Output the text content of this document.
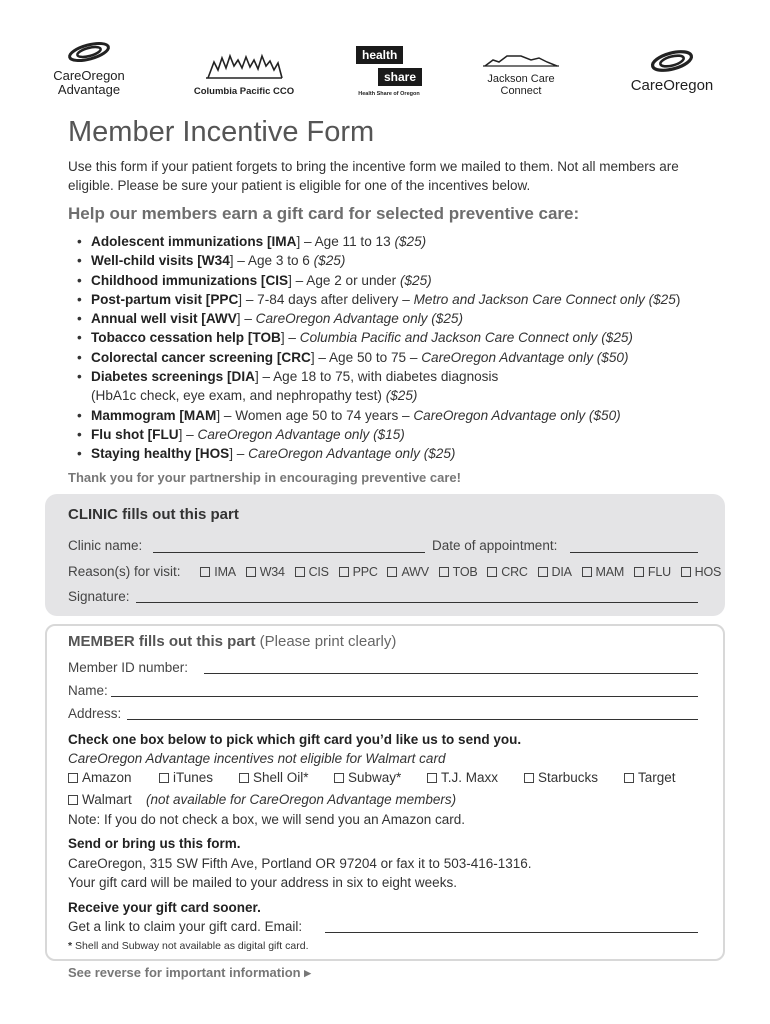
CareOregon
Advantage	Columbia Pacific CCO
health
share
Health Share of Oregon
Jackson Care
Connect	CareOregon
Member Incentive Form
Use this form if your patient forgets to bring the incentive form we mailed to them. Not all members are eligible. Please be sure your patient is eligible for one of the incentives below.
Help our members earn a gift card for selected preventive care:
• Adolescent immunizations [IMA] – Age 11 to 13 ($25)
• Well-child visits [W34] – Age 3 to 6 ($25)
• Childhood immunizations [CIS] – Age 2 or under ($25)
• Post-partum visit [PPC] – 7-84 days after delivery – Metro and Jackson Care Connect only ($25)
• Annual well visit [AWV] – CareOregon Advantage only ($25)
• Tobacco cessation help [TOB] – Columbia Pacific and Jackson Care Connect only ($25)
• Colorectal cancer screening [CRC] – Age 50 to 75 – CareOregon Advantage only ($50)
• Diabetes screenings [DIA] – Age 18 to 75, with diabetes diagnosis
(HbA1c check, eye exam, and nephropathy test) ($25)
• Mammogram [MAM] – Women age 50 to 74 years – CareOregon Advantage only ($50)
• Flu shot [FLU] – CareOregon Advantage only ($15)
• Staying healthy [HOS] – CareOregon Advantage only ($25)
Thank you for your partnership in encouraging preventive care!
CLINIC fills out this part
Clinic name:	Date of appointment:
Reason(s) for visit:	IMA W34 CIS PPC AWV TOB CRC DIA MAM FLU HOS
Signature:
MEMBER fills out this part (Please print clearly)
Member ID number:
Name:
Address:
Check one box below to pick which gift card you’d like us to send you.
CareOregon Advantage incentives not eligible for Walmart card
Amazon	iTunes	Shell Oil*	Subway*	T.J. Maxx	Starbucks	Target
Walmart (not available for CareOregon Advantage members)
Note: If you do not check a box, we will send you an Amazon card.
Send or bring us this form.
CareOregon, 315 SW Fifth Ave, Portland OR 97204 or fax it to 503-416-1316.
Your gift card will be mailed to your address in six to eight weeks.
Receive your gift card sooner.
Get a link to claim your gift card. Email:
* Shell and Subway not available as digital gift card.
See reverse for important information ▸
